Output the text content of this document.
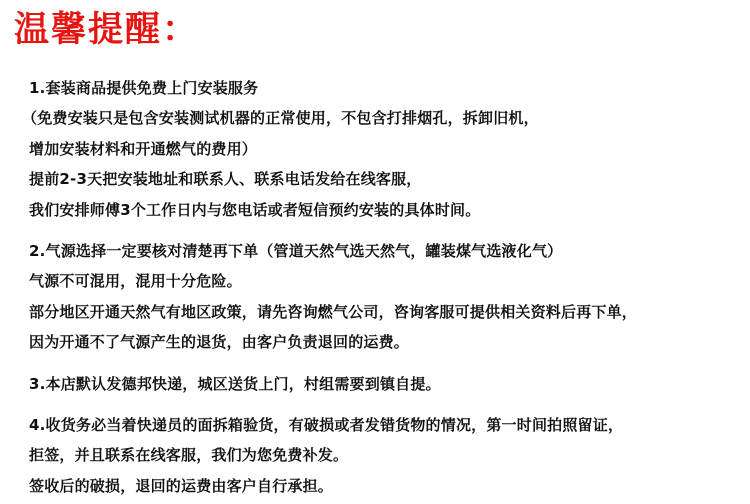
温馨提醒：
1.套装商品提供免费上门安装服务
（免费安装只是包含安装测试机器的正常使用，不包含打排烟孔，拆卸旧机，
增加安装材料和开通燃气的费用）
提前2-3天把安装地址和联系人、联系电话发给在线客服，
我们安排师傅3个工作日内与您电话或者短信预约安装的具体时间。
2.气源选择一定要核对清楚再下单（管道天然气选天然气，罐装煤气选液化气）
气源不可混用，混用十分危险。
部分地区开通天然气有地区政策，请先咨询燃气公司，咨询客服可提供相关资料后再下单，
因为开通不了气源产生的退货，由客户负责退回的运费。
3.本店默认发德邦快递，城区送货上门，村组需要到镇自提。
4.收货务必当着快递员的面拆箱验货，有破损或者发错货物的情况，第一时间拍照留证，
拒签，并且联系在线客服，我们为您免费补发。
签收后的破损，退回的运费由客户自行承担。
